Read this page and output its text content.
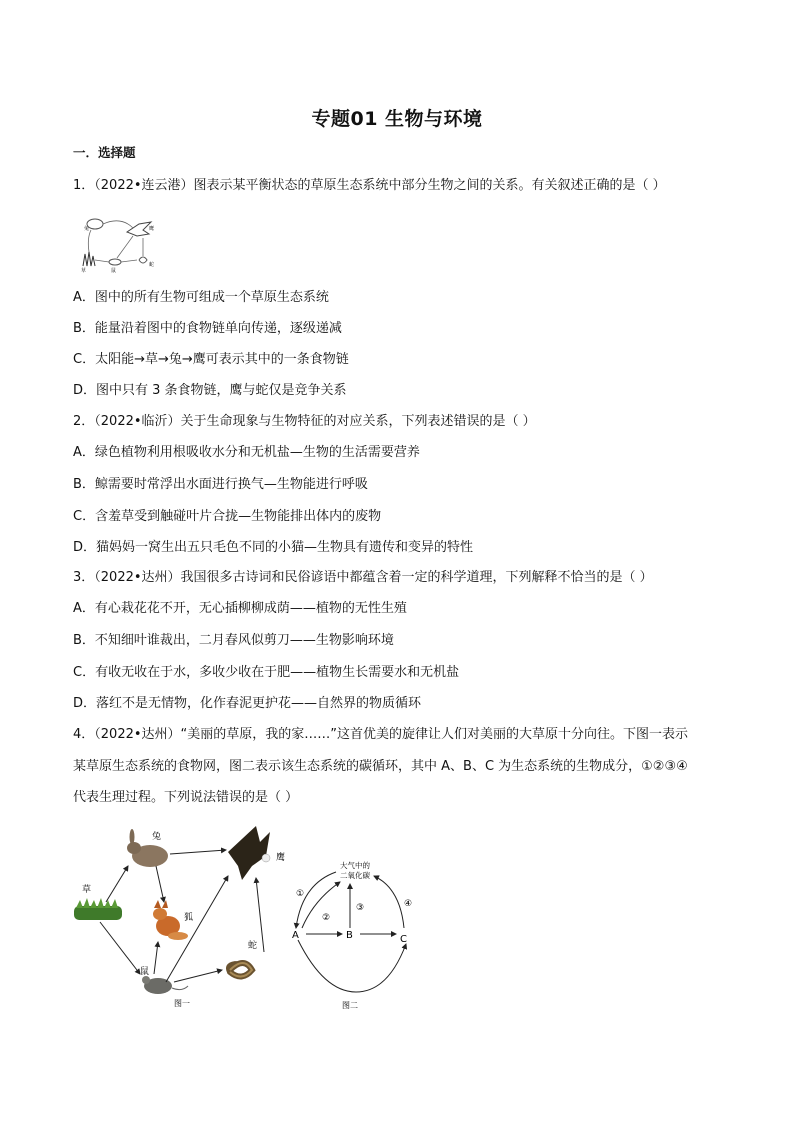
专题01 生物与环境
一．选择题
1．（2022•连云港）图表示某平衡状态的草原生态系统中部分生物之间的关系。有关叙述正确的是（ ）
兔	鹰
草	鼠
蛇
A．图中的所有生物可组成一个草原生态系统
B．能量沿着图中的食物链单向传递，逐级递减
C．太阳能→草→兔→鹰可表示其中的一条食物链
D．图中只有 3 条食物链，鹰与蛇仅是竞争关系
2．（2022•临沂）关于生命现象与生物特征的对应关系，下列表述错误的是（ ）
A．绿色植物利用根吸收水分和无机盐—生物的生活需要营养
B．鲸需要时常浮出水面进行换气—生物能进行呼吸
C．含羞草受到触碰叶片合拢—生物能排出体内的废物
D．猫妈妈一窝生出五只毛色不同的小猫—生物具有遗传和变异的特性
3．（2022•达州）我国很多古诗词和民俗谚语中都蕴含着一定的科学道理，下列解释不恰当的是（ ）
A．有心栽花花不开，无心插柳柳成荫——植物的无性生殖
B．不知细叶谁裁出，二月春风似剪刀——生物影响环境
C．有收无收在于水，多收少收在于肥——植物生长需要水和无机盐
D．落红不是无情物，化作春泥更护花——自然界的物质循环
4．（2022•达州）“美丽的草原，我的家……”这首优美的旋律让人们对美丽的大草原十分向往。下图一表示
某草原生态系统的食物网，图二表示该生态系统的碳循环，其中 A、B、C 为生态系统的生物成分，①②③④
代表生理过程。下列说法错误的是（ ）
兔
鹰
草
狐
蛇
鼠
图一
大气中的
二氧化碳
A	B	C
①
②
③	④
图二
